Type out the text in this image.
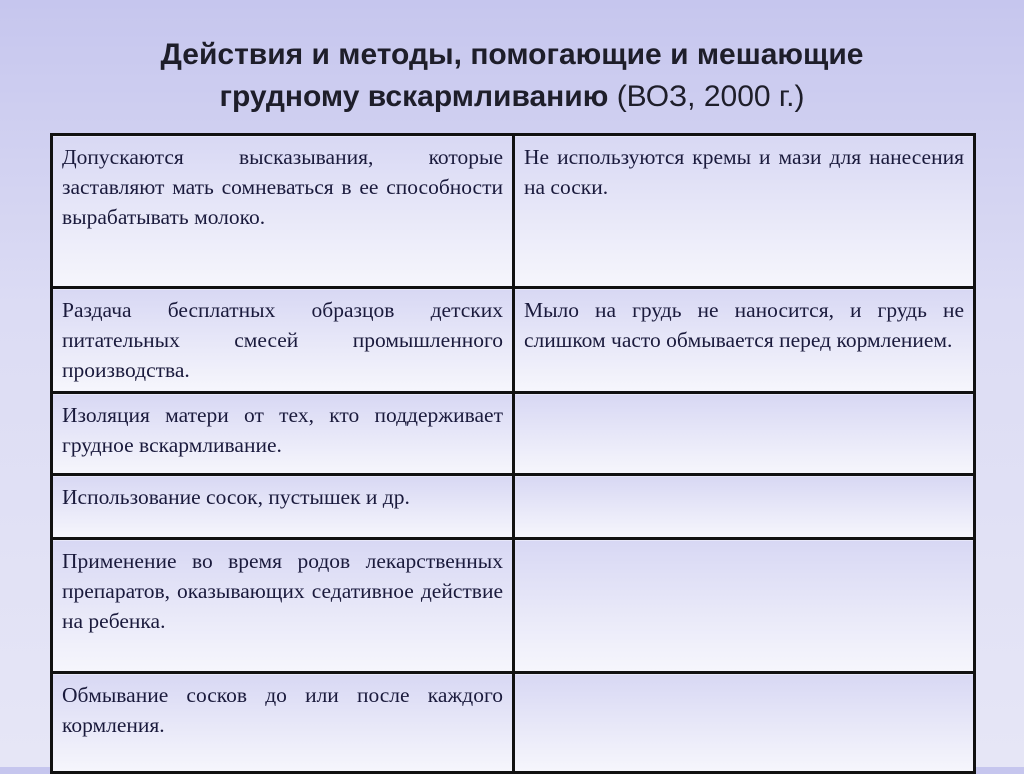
Действия и методы, помогающие и мешающие
грудному вскармливанию (ВОЗ, 2000 г.)
Допускаются высказывания, которые заставляют мать сомневаться в ее способности вырабатывать молоко.	Не используются кремы и мази для нанесения на соски.
Раздача бесплатных образцов детских питательных смесей промышленного производства.	Мыло на грудь не наносится, и грудь не слишком часто обмывается перед кормлением.
Изоляция матери от тех, кто поддерживает грудное вскармливание.	
Использование сосок, пустышек и др.	
Применение во время родов лекарственных препаратов, оказывающих седативное действие на ребенка.	
Обмывание сосков до или после каждого кормления.	
